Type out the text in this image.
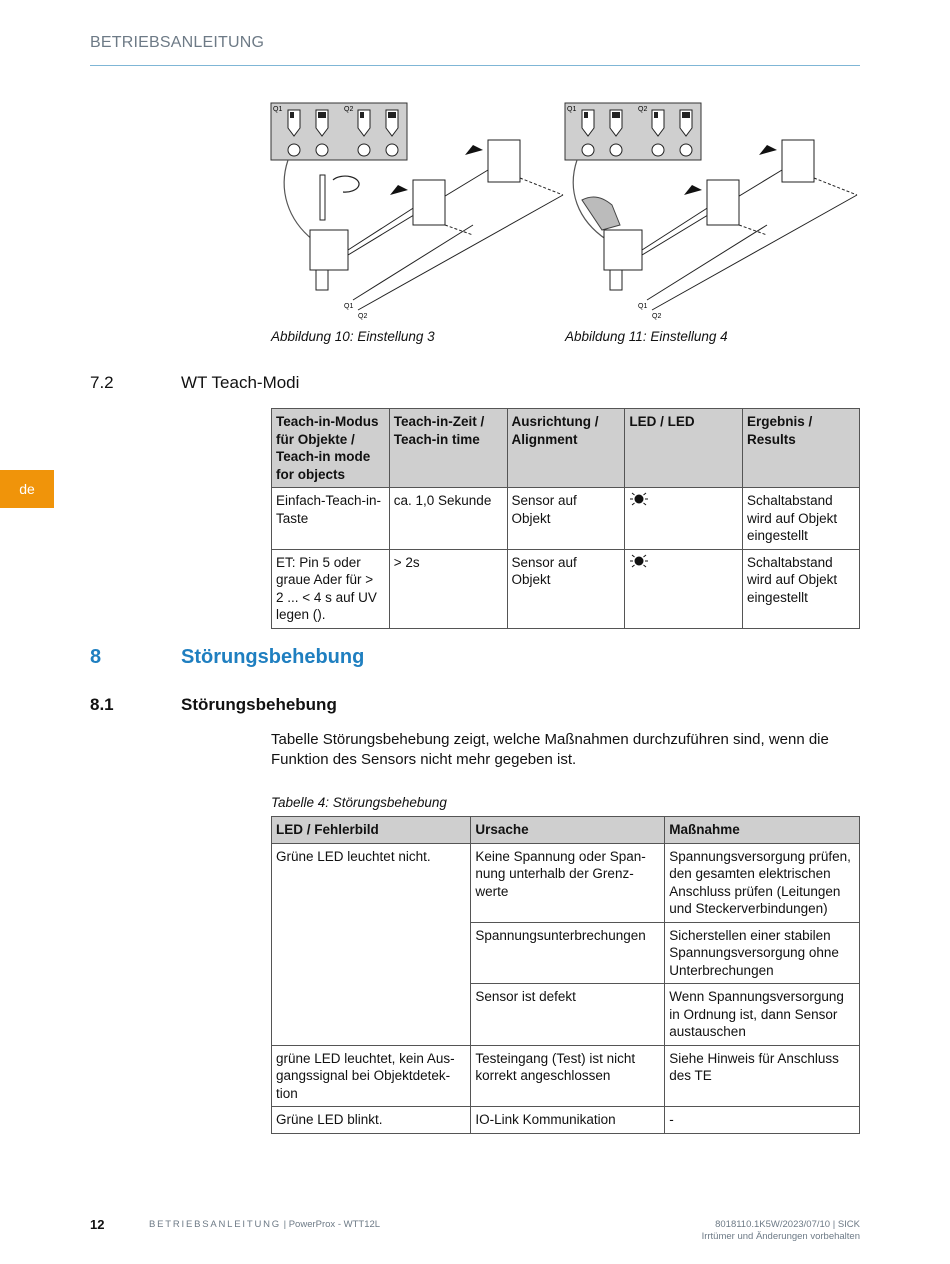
BETRIEBSANLEITUNG
de
Q1	Q2
Q1
Q2
Abbildung 10: Einstellung 3
Q1	Q2
Q1
Q2
Abbildung 11: Einstellung 4
7.2	WT Teach-Modi
Teach-in-Modus für Objekte / Teach-in mode for objects	Teach-in-Zeit / Teach-in time	Ausrichtung / Alignment	LED / LED	Ergebnis / Results
Einfach-Teach-in-Taste	ca. 1,0 Sekunde	Sensor auf Objekt		Schaltabstand wird auf Objekt eingestellt
ET: Pin 5 oder graue Ader für > 2 ... < 4 s auf UV legen ().	> 2s	Sensor auf Objekt		Schaltabstand wird auf Objekt eingestellt
8	Störungsbehebung
8.1	Störungsbehebung
Tabelle Störungsbehebung zeigt, welche Maßnahmen durchzuführen sind, wenn die Funktion des Sensors nicht mehr gegeben ist.
Tabelle 4: Störungsbehebung
LED / Fehlerbild	Ursache	Maßnahme
Grüne LED leuchtet nicht.	Keine Spannung oder Spannung unterhalb der Grenzwerte	Spannungsversorgung prüfen, den gesamten elektrischen Anschluss prüfen (Leitungen und Steckerverbindungen)
	Spannungsunterbrechungen	Sicherstellen einer stabilen Spannungsversorgung ohne Unterbrechungen
	Sensor ist defekt	Wenn Spannungsversorgung in Ordnung ist, dann Sensor austauschen
grüne LED leuchtet, kein Ausgangssignal bei Objektdetektion	Testeingang (Test) ist nicht korrekt angeschlossen	Siehe Hinweis für Anschluss des TE
Grüne LED blinkt.	IO-Link Kommunikation	-
12	BETRIEBSANLEITUNG | PowerProx - WTT12L	8018110.1K5W/2023/07/10 | SICK
Irrtümer und Änderungen vorbehalten
